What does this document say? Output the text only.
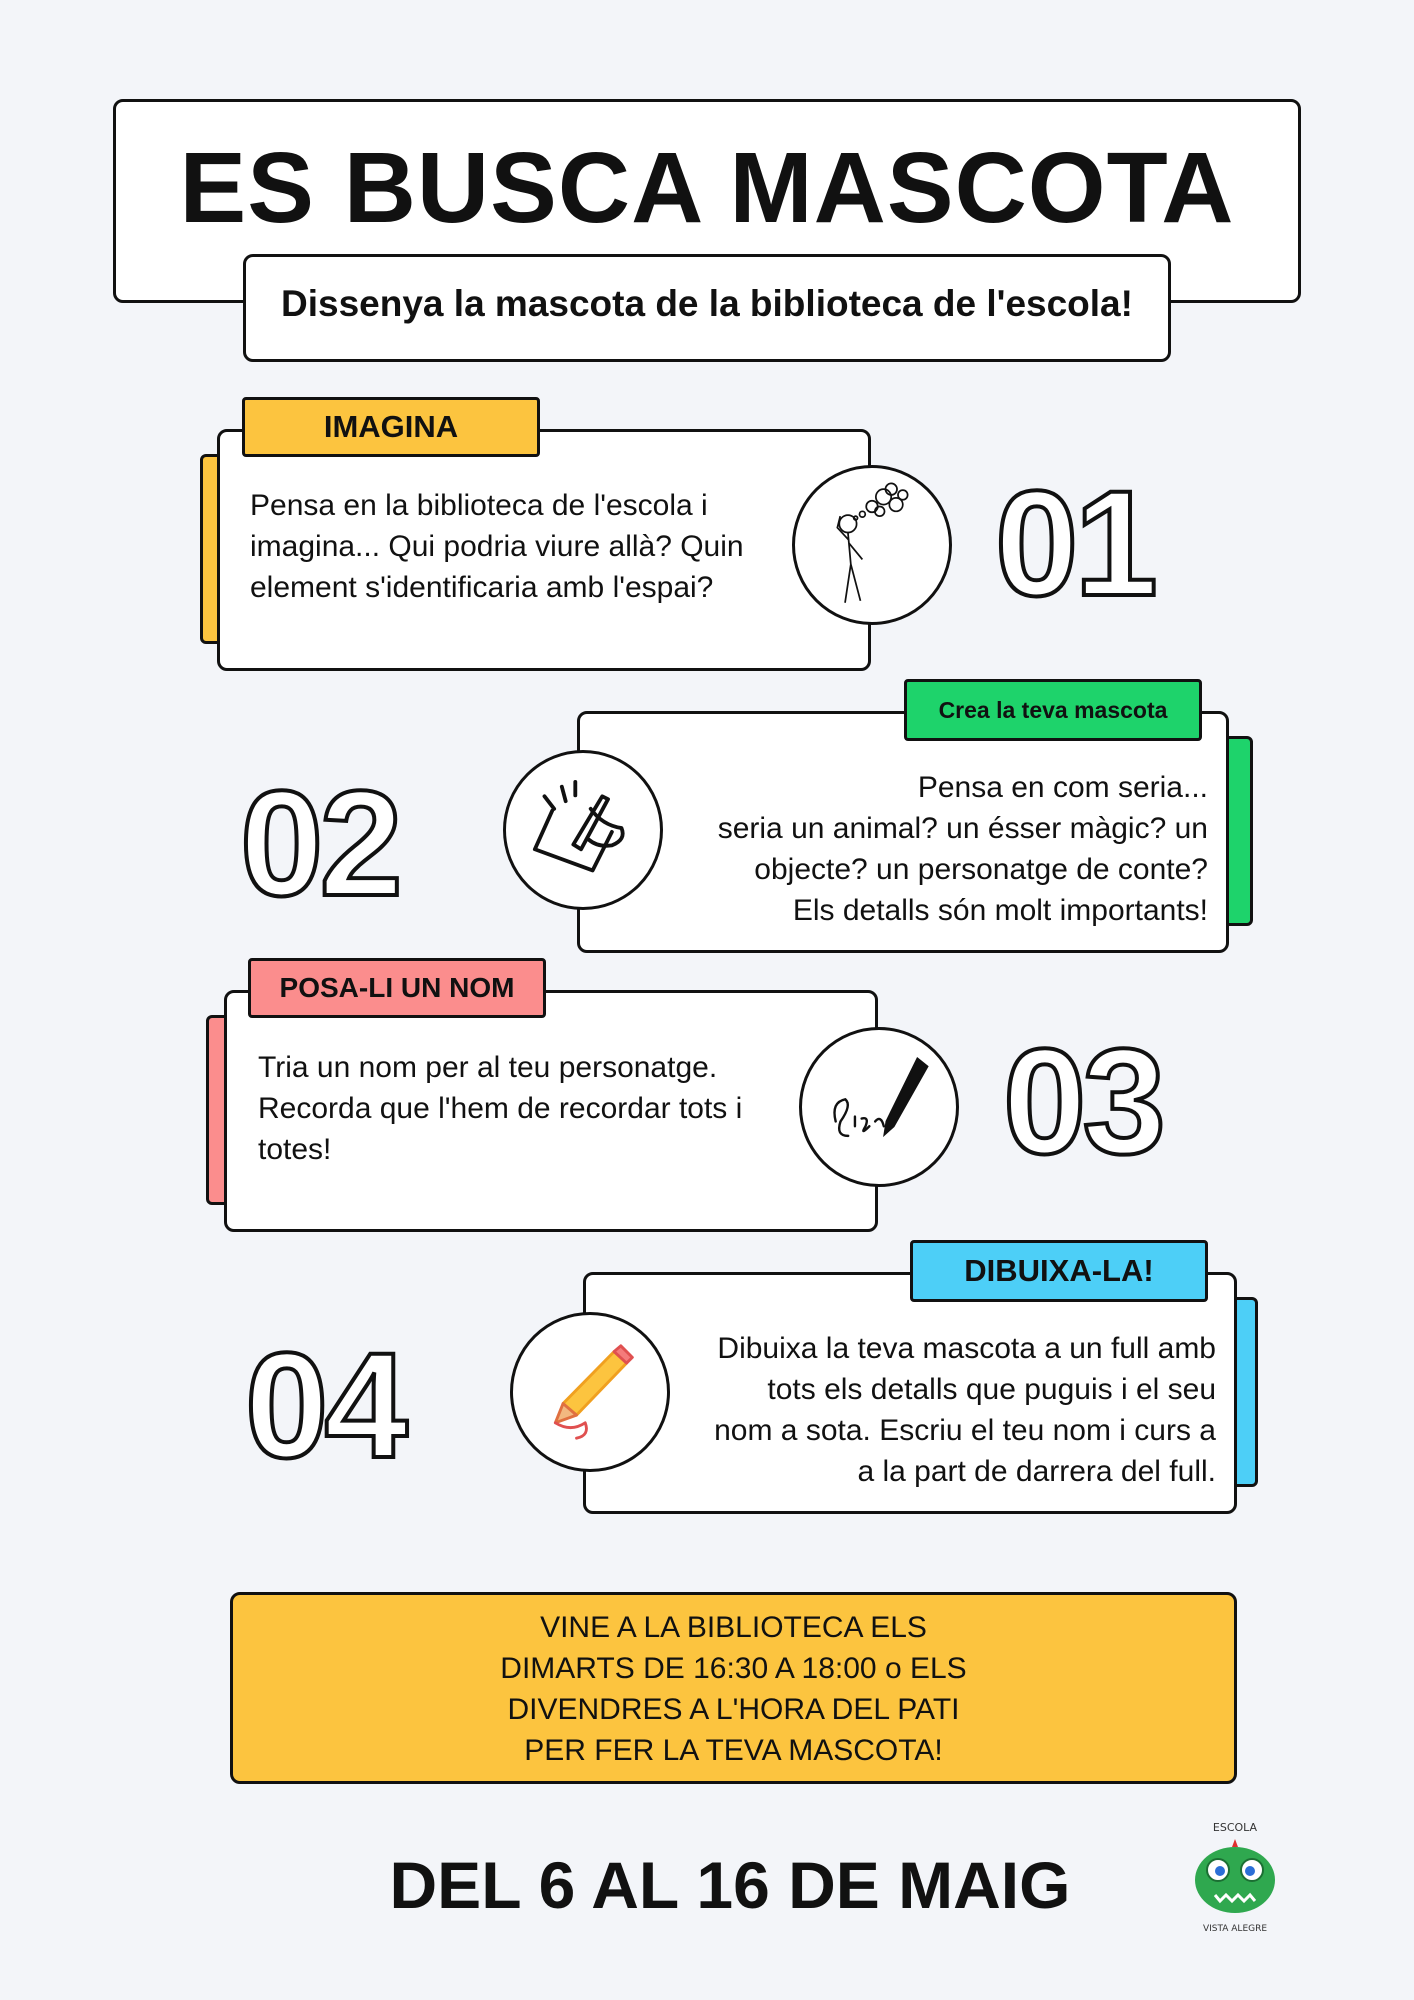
ES BUSCA MASCOTA
Dissenya la mascota de la biblioteca de l'escola!
IMAGINA
Pensa en la biblioteca de l'escola i
imagina... Qui podria viure allà? Quin
element s'identificaria amb l'espai?	01
Crea la teva mascota
Pensa en com seria...
seria un animal? un ésser màgic? un
objecte? un personatge de conte?
Els detalls són molt importants!
02
POSA-LI UN NOM
Tria un nom per al teu personatge.
Recorda que l'hem de recordar tots i
totes!	03
DIBUIXA-LA!
Dibuixa la teva mascota a un full amb
tots els detalls que puguis i el seu
nom a sota. Escriu el teu nom i curs a
a la part de darrera del full.
04
VINE A LA BIBLIOTECA ELS
DIMARTS DE 16:30 A 18:00 o ELS
DIVENDRES A L'HORA DEL PATI
PER FER LA TEVA MASCOTA!
DEL 6 AL 16 DE MAIG
ESCOLA
VISTA ALEGRE
